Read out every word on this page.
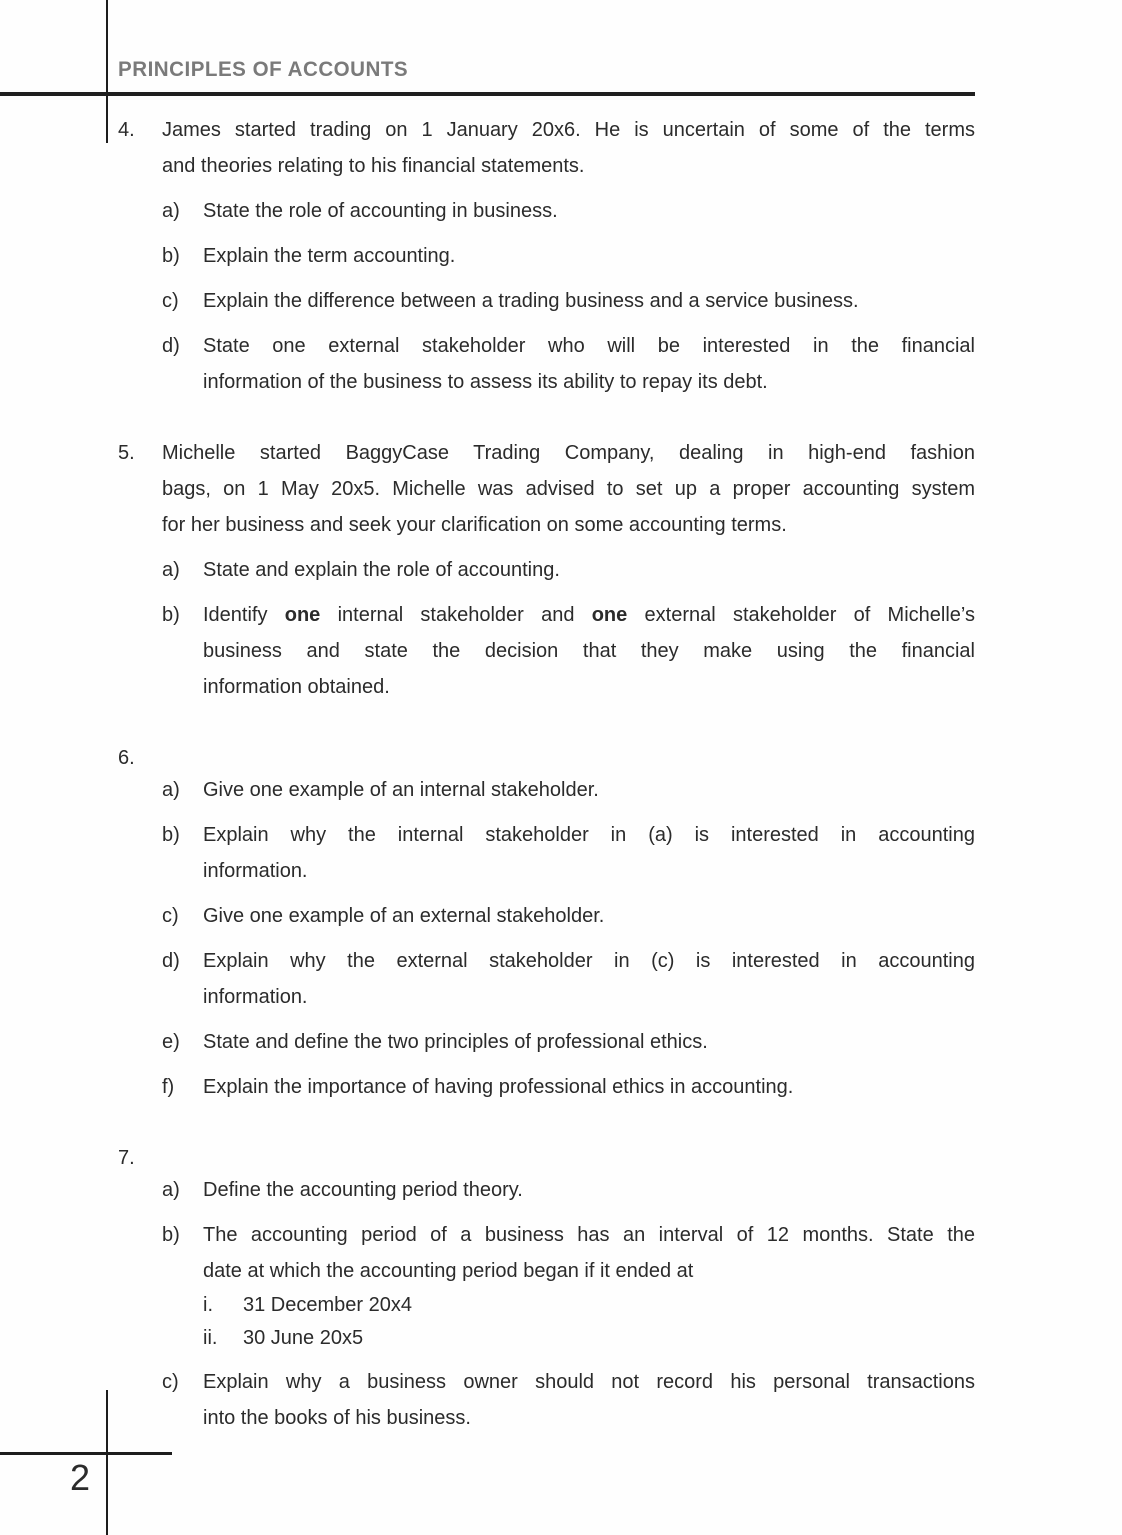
PRINCIPLES OF ACCOUNTS
4.	James started trading on 1 January 20x6. He is uncertain of some of the terms
and theories relating to his financial statements.
a)	State the role of accounting in business.
b)	Explain the term accounting.
c)	Explain the difference between a trading business and a service business.
d)	State one external stakeholder who will be interested in the financial
information of the business to assess its ability to repay its debt.
5.	Michelle started BaggyCase Trading Company, dealing in high-end fashion
bags, on 1 May 20x5. Michelle was advised to set up a proper accounting system
for her business and seek your clarification on some accounting terms.
a)	State and explain the role of accounting.
b)	Identify one internal stakeholder and one external stakeholder of Michelle’s
business and state the decision that they make using the financial
information obtained.
6.
a)	Give one example of an internal stakeholder.
b)	Explain why the internal stakeholder in (a) is interested in accounting
information.
c)	Give one example of an external stakeholder.
d)	Explain why the external stakeholder in (c) is interested in accounting
information.
e)	State and define the two principles of professional ethics.
f)	Explain the importance of having professional ethics in accounting.
7.
a)	Define the accounting period theory.
b)	The accounting period of a business has an interval of 12 months. State the
date at which the accounting period began if it ended at
i.	31 December 20x4
ii.	30 June 20x5
c)	Explain why a business owner should not record his personal transactions
into the books of his business.
2
